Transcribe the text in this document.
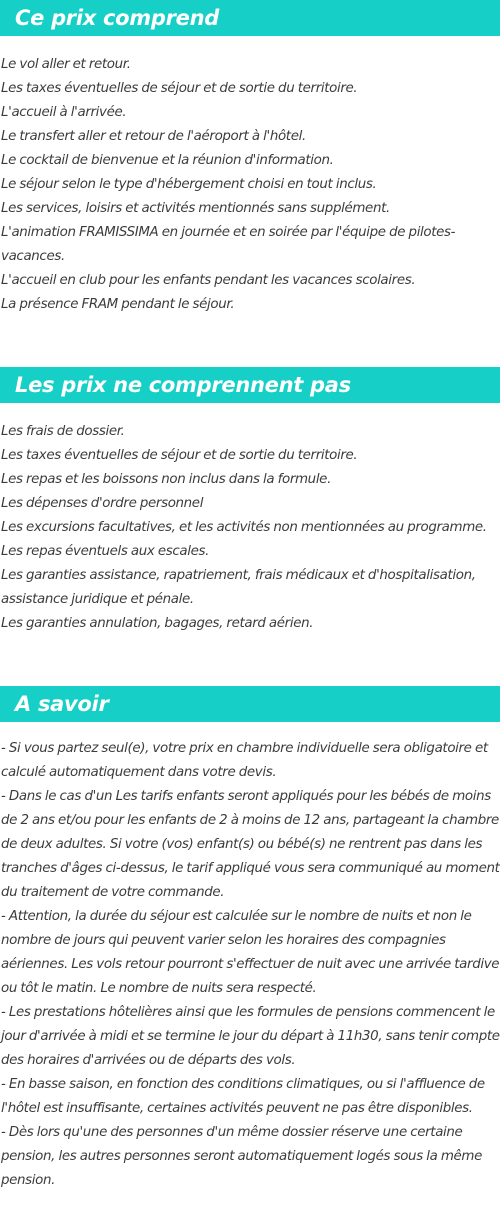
Ce prix comprend
Le vol aller et retour.
Les taxes éventuelles de séjour et de sortie du territoire.
L'accueil à l'arrivée.
Le transfert aller et retour de l'aéroport à l'hôtel.
Le cocktail de bienvenue et la réunion d'information.
Le séjour selon le type d'hébergement choisi en tout inclus.
Les services, loisirs et activités mentionnés sans supplément.
L'animation FRAMISSIMA en journée et en soirée par l'équipe de pilotes-vacances.
L'accueil en club pour les enfants pendant les vacances scolaires.
La présence FRAM pendant le séjour.
Les prix ne comprennent pas
Les frais de dossier.
Les taxes éventuelles de séjour et de sortie du territoire.
Les repas et les boissons non inclus dans la formule.
Les dépenses d'ordre personnel
Les excursions facultatives, et les activités non mentionnées au programme.
Les repas éventuels aux escales.
Les garanties assistance, rapatriement, frais médicaux et d'hospitalisation, assistance juridique et pénale.
Les garanties annulation, bagages, retard aérien.
A savoir
- Si vous partez seul(e), votre prix en chambre individuelle sera obligatoire et calculé automatiquement dans votre devis.
- Dans le cas d'un Les tarifs enfants seront appliqués pour les bébés de moins de 2 ans et/ou pour les enfants de 2 à moins de 12 ans, partageant la chambre de deux adultes. Si votre (vos) enfant(s) ou bébé(s) ne rentrent pas dans les tranches d'âges ci-dessus, le tarif appliqué vous sera communiqué au moment du traitement de votre commande.
- Attention, la durée du séjour est calculée sur le nombre de nuits et non le nombre de jours qui peuvent varier selon les horaires des compagnies aériennes. Les vols retour pourront s'effectuer de nuit avec une arrivée tardive ou tôt le matin. Le nombre de nuits sera respecté.
- Les prestations hôtelières ainsi que les formules de pensions commencent le jour d'arrivée à midi et se termine le jour du départ à 11h30, sans tenir compte des horaires d'arrivées ou de départs des vols.
- En basse saison, en fonction des conditions climatiques, ou si l'affluence de l'hôtel est insuffisante, certaines activités peuvent ne pas être disponibles.
- Dès lors qu'une des personnes d'un même dossier réserve une certaine pension, les autres personnes seront automatiquement logés sous la même pension.
